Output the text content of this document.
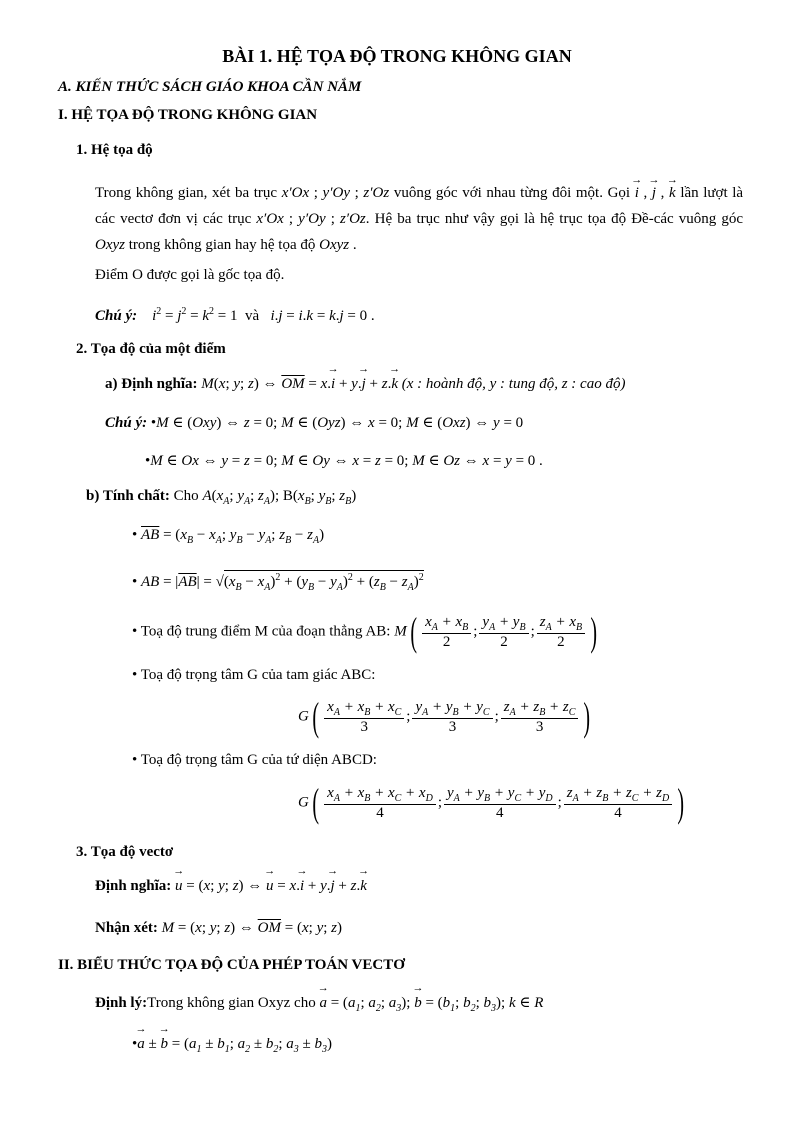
BÀI 1. HỆ TỌA ĐỘ TRONG KHÔNG GIAN
A. KIẾN THỨC SÁCH GIÁO KHOA CẦN NẮM
I. HỆ TỌA ĐỘ TRONG KHÔNG GIAN
1. Hệ tọa độ
Trong không gian, xét ba trục x′Ox ; y′Oy ; z′Oz vuông góc với nhau từng đôi một. Gọi → i , → j , → k lần lượt là các vectơ đơn vị các trục x′Ox ; y′Oy ; z′Oz. Hệ ba trục như vậy gọi là hệ trục tọa độ Đề-các vuông góc Oxyz trong không gian hay hệ tọa độ Oxyz .
Điểm O được gọi là gốc tọa độ.
Chú ý: $i^2 = j^2 = k^2 = 1$  và i.j = i.k = k.j = 0 .
2. Tọa độ của một điểm
a) Định nghĩa: M(x; y; z) ⇔ $\overline{OM} = x.\to i + y.\to j + z.\to k$ (x : hoành độ, y : tung độ, z : cao độ)
Chú ý: •M ∈ (Oxy) ⇔ z = 0; M ∈ (Oyz) ⇔ x = 0; M ∈ (Oxz) ⇔ y = 0
•M ∈ Ox ⇔ y = z = 0; M ∈ Oy ⇔ x = z = 0; M ∈ Oz ⇔ x = y = 0 .
b) Tính chất: Cho $A(x_A$; $y_A$; $z_A$); $B(x_B$; $y_B$; $z_B$)
• $\overline{AB} = (x_B - x_A$; $y_B - y_A$; $z_B - z_A$)
• AB = $|\overline{AB}| = √(x_B - x_A)^2 + (y_B - y_A)^2 + (z_B - z_A)^2$
• Toạ độ trung điểm M của đoạn thẳng AB: $M( \frac{x_A + x_B}{2}$ ; $\frac{y_A + y_B}{2}$ ; $\frac{z_A + x_B}{2}$ )
• Toạ độ trọng tâm G của tam giác ABC:
$G( \frac{x_A + x_B + x_C}{3}$ ; $\frac{y_A + y_B + y_C}{3}$ ; $\frac{z_A + z_B + z_C}{3}$ )
• Toạ độ trọng tâm G của tứ diện ABCD:
$G( \frac{x_A + x_B + x_C + x_D}{4}$ ; $\frac{y_A + y_B + y_C + y_D}{4}$ ; $\frac{z_A + z_B + z_C + z_D}{4}$ )
3. Tọa độ vectơ
Định nghĩa: → u = (x; y; z) ⇔ → u = x.→ i + y.→ j + z.→ k
Nhận xét: M = (x; y; z) ⇔ $\overline{OM} = (x$; y; z)
II. BIỂU THỨC TỌA ĐỘ CỦA PHÉP TOÁN VECTƠ
Định lý:Trong không gian Oxyz cho → $a = (a_1$; $a_2$; $a_3$); → $b = (b_1$; $b_2$; $b_3$); k ∈ R
•→ a ± → $b = (a_1 \pm b_1$; $a_2 \pm b_2$; $a_3 \pm b_3$)
